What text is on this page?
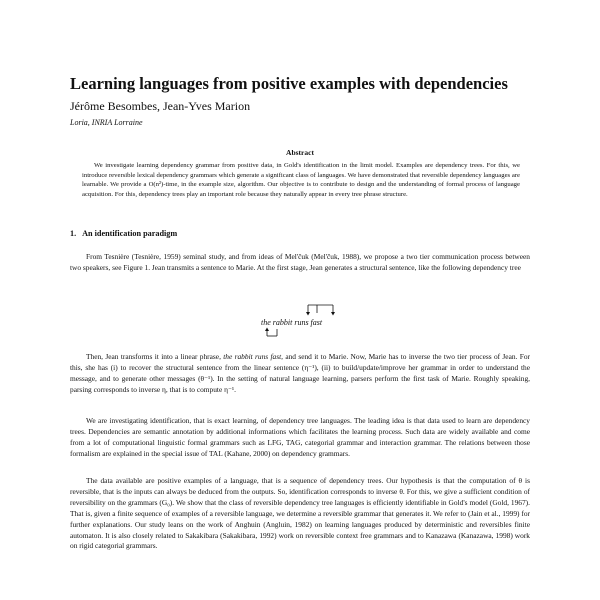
Learning languages from positive examples with dependencies
Jérôme Besombes, Jean-Yves Marion
Loria, INRIA Lorraine
Abstract

We investigate learning dependency grammar from positive data, in Gold's identification in the limit model. Examples are dependency trees. For this, we introduce reversible lexical dependency grammars which generate a significant class of languages. We have demonstrated that reversible dependency languages are learnable. We provide a O(n²)-time, in the example size, algorithm. Our objective is to contribute to design and the understanding of formal process of language acquisition. For this, dependency trees play an important role because they naturally appear in every tree phrase structure.

1. An identification paradigm

From Tesnière (Tesnière, 1959) seminal study, and from ideas of Mel'čuk (Mel'čuk, 1988), we propose a two tier communication process between two speakers, see Figure 1. Jean transmits a sentence to Marie. At the first stage, Jean generates a structural sentence, like the following dependency tree

the rabbit runs fast

Then, Jean transforms it into a linear phrase, the rabbit runs fast, and send it to Marie. Now, Marie has to inverse the two tier process of Jean. For this, she has (i) to recover the structural sentence from the linear sentence (η⁻¹), (ii) to build/update/improve her grammar in order to understand the message, and to generate other messages (θ⁻¹). In the setting of natural language learning, parsers perform the first task of Marie. Roughly speaking, parsing corresponds to inverse η, that is to compute η⁻¹.

We are investigating identification, that is exact learning, of dependency tree languages. The leading idea is that data used to learn are dependency trees. Dependencies are semantic annotation by additional informations which facilitates the learning process. Such data are widely available and come from a lot of computational linguistic formal grammars such as LFG, TAG, categorial grammar and interaction grammar. The relations between those formalism are explained in the special issue of TAL (Kahane, 2000) on dependency grammars.

The data available are positive examples of a language, that is a sequence of dependency trees. Our hypothesis is that the computation of θ is reversible, that is the inputs can always be deduced from the outputs. So, identification corresponds to inverse θ. For this, we give a sufficient condition of reversibility on the grammars (G₀). We show that the class of reversible dependency tree languages is efficiently identifiable in Gold's model (Gold, 1967). That is, given a finite sequence of examples of a reversible language, we determine a reversible grammar that generates it. We refer to (Jain et al., 1999) for further explanations. Our study leans on the work of Anghuin (Angluin, 1982) on learning languages produced by deterministic and reversibles finite automaton. It is also closely related to Sakakibara (Sakakibara, 1992) work on reversible context free grammars and to Kanazawa (Kanazawa, 1998) work on rigid categorial grammars.
